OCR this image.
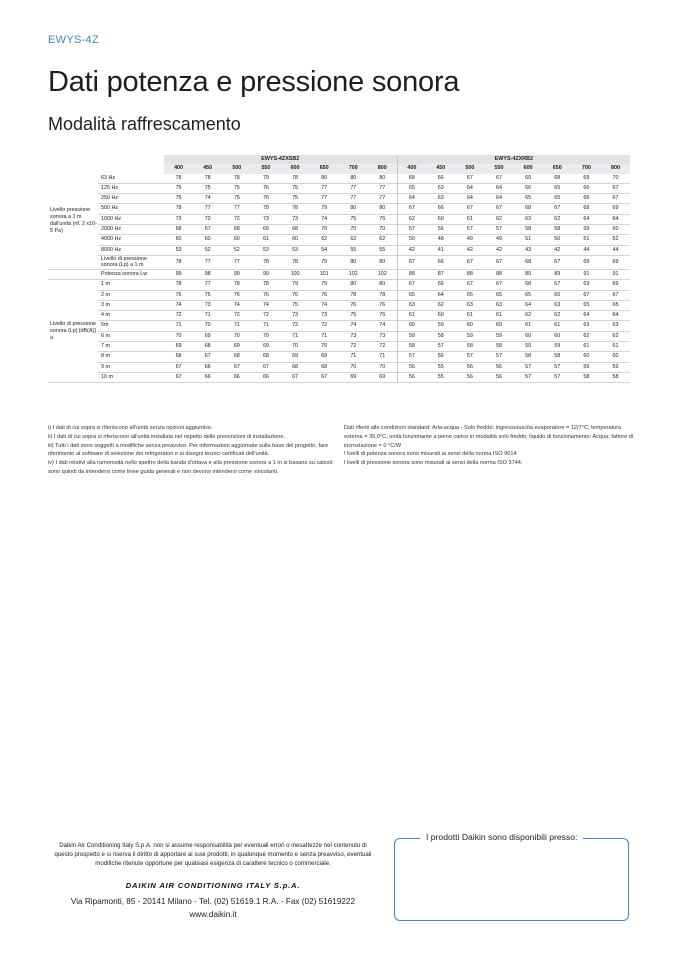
EWYS-4Z
Dati potenza e pressione sonora
Modalità raffrescamento
		EWYS-4ZXSB2								EWYS-4ZXRB2							
		400	450	500	550	600	650	700	800	400	450	500	550	600	650	700	800
Livello pressione sonora a 1 m dall'unità (rif. 2 x10-5 Pa)	63 Hz	78	78	78	79	78	80	80	80	68	66	67	67	69	68	69	70
	125 Hz	75	75	75	76	75	77	77	77	65	63	64	64	66	65	66	67
	250 Hz	75	74	75	76	75	77	77	77	64	63	64	64	65	65	66	67
	500 Hz	78	77	77	78	78	79	80	80	67	66	67	67	68	67	69	69
	1000 Hz	73	72	72	73	73	74	75	75	62	60	61	62	63	62	64	64
	2000 Hz	68	67	68	69	68	70	70	70	57	56	57	57	58	58	59	60
	4000 Hz	60	60	60	61	60	62	62	62	50	48	49	49	51	50	51	52
	8000 Hz	53	52	52	53	53	54	55	55	42	41	42	42	43	42	44	44
	Livello di pressione sonora (Lp) a 1 m	78	77	77	78	78	79	80	80	67	66	67	67	68	67	69	69
	Potenza sonora Lw	99	98	99	99	100	101	102	102	88	87	88	88	89	89	91	91
Livello di pressione sonora (Lp) [dB(A)] a	1 m	78	77	78	78	79	79	80	80	67	66	67	67	68	67	69	69
	2 m	76	75	76	76	76	76	78	78	65	64	65	65	65	65	67	67
	3 m	74	73	74	74	75	74	76	76	63	62	63	63	64	63	65	65
	4 m	72	71	72	72	73	73	75	75	61	60	61	61	62	62	64	64
	5m	71	70	71	71	72	72	74	74	60	59	60	60	61	61	63	63
	6 m	70	69	70	70	71	71	73	73	59	58	59	59	60	60	62	62
	7 m	69	68	69	69	70	70	72	72	58	57	58	58	59	59	61	61
	8 m	68	67	68	68	69	69	71	71	57	56	57	57	58	58	60	60
	9 m	67	66	67	67	68	68	70	70	56	55	56	56	57	57	59	59
	10 m	67	66	66	66	67	67	69	69	56	55	56	56	57	57	58	58

i) I dati di cui sopra si riferiscono all'unità senza opzioni aggiuntive.

ii) I dati di cui sopra si riferiscono all'unità installata nel rispetto delle prescrizioni di installazione.

iii) Tutti i dati sono soggetti a modifiche senza preavviso. Per informazioni aggiornate sulla base del progetto, fare riferimento al software di selezione dei refrigeratori e ai disegni tecnici certificati dell'unità.

iv) I dati relativi alla rumorosità nello spettro della banda d'ottava e alla pressione sonora a 1 m si basano su calcoli: sono quindi da intendersi come linee guida generali e non devono intendersi come vincolanti.

Dati riferiti alle condizioni standard: Aria-acqua - Solo freddo; ingresso/uscita evaporatore = 12/7°C; temperatura esterna = 35,0°C, unità funzionante a pieno carico in modalità solo freddo; liquido di funzionamento: Acqua; fattore di incrostazione = 0 °C/W

I livelli di potenza sonora sono misurati ai sensi della norma ISO 9614

I livelli di pressione sonora sono misurati ai sensi della norma ISO 3744.

Daikin Air Conditioning Italy S.p.A. non si assume responsabilità per eventuali errori o inesattezze nel contenuto di questo prospetto e si riserva il diritto di apportare ai suoi prodotti, in qualunque momento e senza preavviso, eventuali modifiche ritenute opportune per qualsiasi esigenza di carattere tecnico o commerciale.
DAIKIN AIR CONDITIONING ITALY S.p.A.
Via Ripamonti, 85 - 20141 Milano - Tel. (02) 51619.1 R.A. - Fax (02) 51619222
www.daikin.it
I prodotti Daikin sono disponibili presso:
